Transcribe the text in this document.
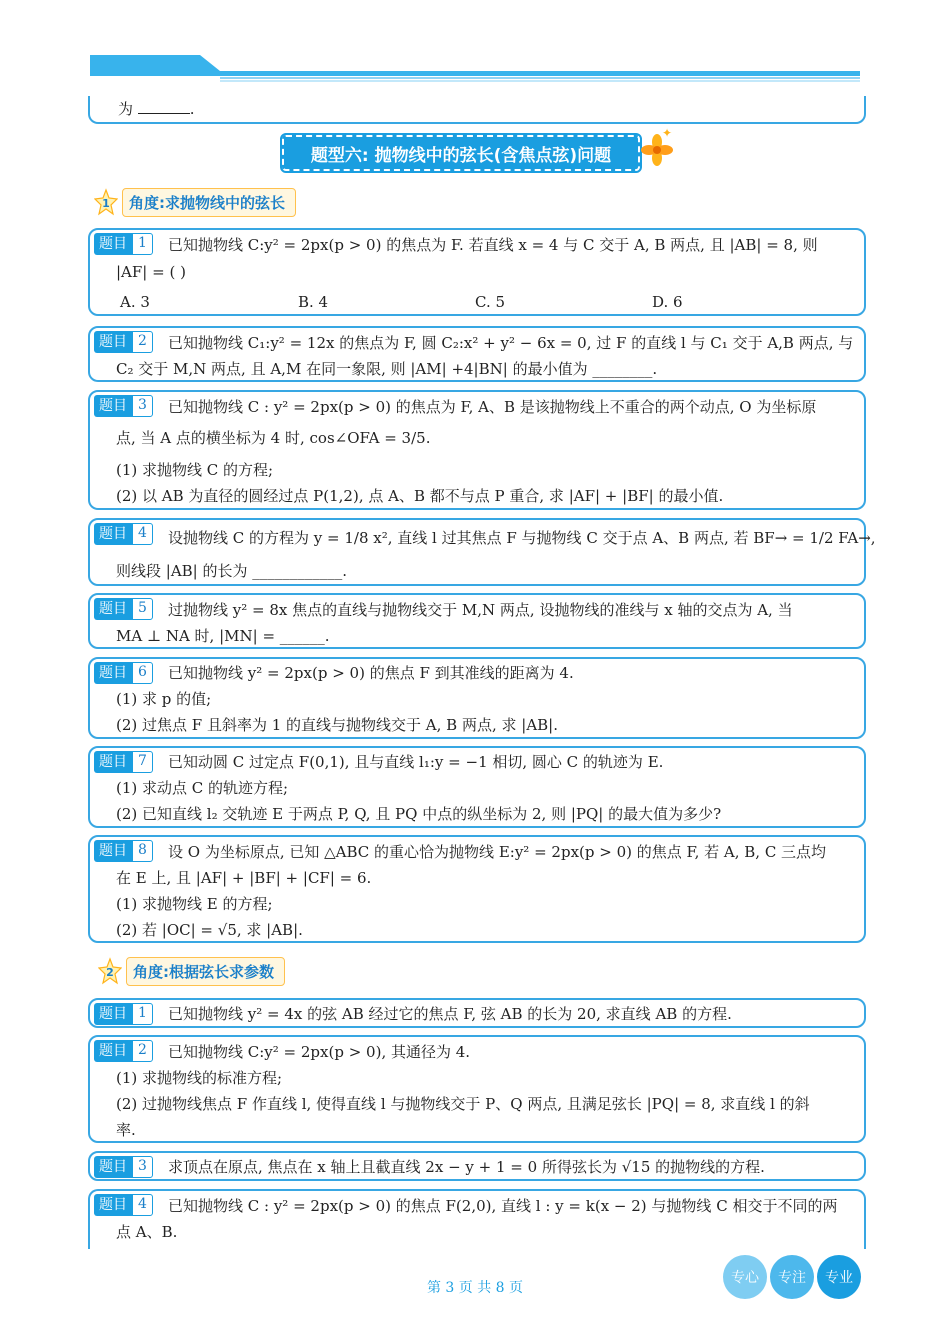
为	.
题型六: 抛物线中的弦长(含焦点弦)问题
✦
1	角度:求抛物线中的弦长
2	角度:根据弦长求参数
题目 1	已知抛物线 C:y² = 2px(p > 0) 的焦点为 F. 若直线 x = 4 与 C 交于 A, B 两点, 且 |AB| = 8, 则
|AF| = ( )
A. 3	B. 4	C. 5	D. 6
题目 2	已知抛物线 C₁:y² = 12x 的焦点为 F, 圆 C₂:x² + y² − 6x = 0, 过 F 的直线 l 与 C₁ 交于 A,B 两点, 与
C₂ 交于 M,N 两点, 且 A,M 在同一象限, 则 |AM| +4|BN| 的最小值为 ________.
题目 3	已知抛物线 C : y² = 2px(p > 0) 的焦点为 F, A、B 是该抛物线上不重合的两个动点, O 为坐标原
点, 当 A 点的横坐标为 4 时, cos∠OFA = 3/5.
(1) 求抛物线 C 的方程;
(2) 以 AB 为直径的圆经过点 P(1,2), 点 A、B 都不与点 P 重合, 求 |AF| + |BF| 的最小值.
题目 4	设抛物线 C 的方程为 y = 1/8 x², 直线 l 过其焦点 F 与抛物线 C 交于点 A、B 两点, 若 BF→ = 1/2 FA→,
则线段 |AB| 的长为 ____________.
题目 5	过抛物线 y² = 8x 焦点的直线与抛物线交于 M,N 两点, 设抛物线的准线与 x 轴的交点为 A, 当
MA ⊥ NA 时, |MN| = ______.
题目 6	已知抛物线 y² = 2px(p > 0) 的焦点 F 到其准线的距离为 4.
(1) 求 p 的值;
(2) 过焦点 F 且斜率为 1 的直线与抛物线交于 A, B 两点, 求 |AB|.
题目 7	已知动圆 C 过定点 F(0,1), 且与直线 l₁:y = −1 相切, 圆心 C 的轨迹为 E.
(1) 求动点 C 的轨迹方程;
(2) 已知直线 l₂ 交轨迹 E 于两点 P, Q, 且 PQ 中点的纵坐标为 2, 则 |PQ| 的最大值为多少?
题目 8	设 O 为坐标原点, 已知 △ABC 的重心恰为抛物线 E:y² = 2px(p > 0) 的焦点 F, 若 A, B, C 三点均
在 E 上, 且 |AF| + |BF| + |CF| = 6.
(1) 求抛物线 E 的方程;
(2) 若 |OC| = √5, 求 |AB|.
题目 1	已知抛物线 y² = 4x 的弦 AB 经过它的焦点 F, 弦 AB 的长为 20, 求直线 AB 的方程.
题目 2	已知抛物线 C:y² = 2px(p > 0), 其通径为 4.
(1) 求抛物线的标准方程;
(2) 过抛物线焦点 F 作直线 l, 使得直线 l 与抛物线交于 P、Q 两点, 且满足弦长 |PQ| = 8, 求直线 l 的斜
率.
题目 3	求顶点在原点, 焦点在 x 轴上且截直线 2x − y + 1 = 0 所得弦长为 √15 的抛物线的方程.
题目 4	已知抛物线 C : y² = 2px(p > 0) 的焦点 F(2,0), 直线 l : y = k(x − 2) 与抛物线 C 相交于不同的两
点 A、B.
第 3 页 共 8 页
专心	专注	专业
